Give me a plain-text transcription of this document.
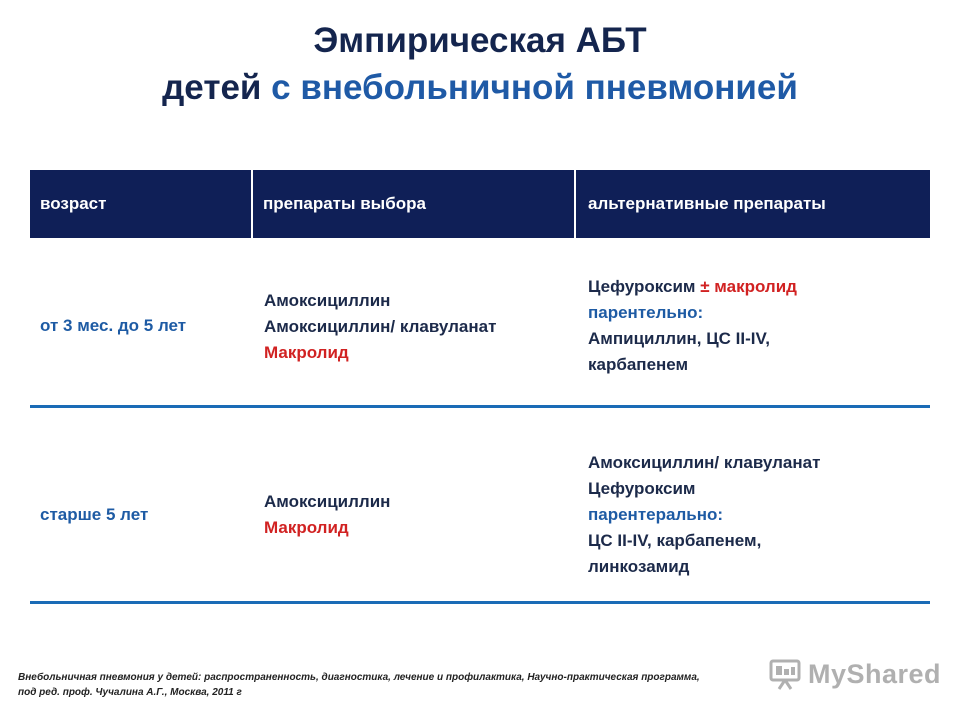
Эмпирическая АБТ
детей с внебольничной пневмонией
возраст	препараты выбора	альтернативные препараты
от 3 мес. до 5 лет
Амоксициллин
Амоксициллин/ клавуланат
Макролид
Цефуроксим ± макролид
парентельно:
Ампициллин, ЦС II-IV,
карбапенем
старше 5 лет
Амоксициллин
Макролид
Амоксициллин/ клавуланат
Цефуроксим
парентерально:
ЦС II-IV, карбапенем,
линкозамид
Внебольничная пневмония у детей: распространенность, диагностика, лечение и профилактика, Научно-практическая программа,
под ред. проф. Чучалина А.Г., Москва, 2011 г
MyShared
